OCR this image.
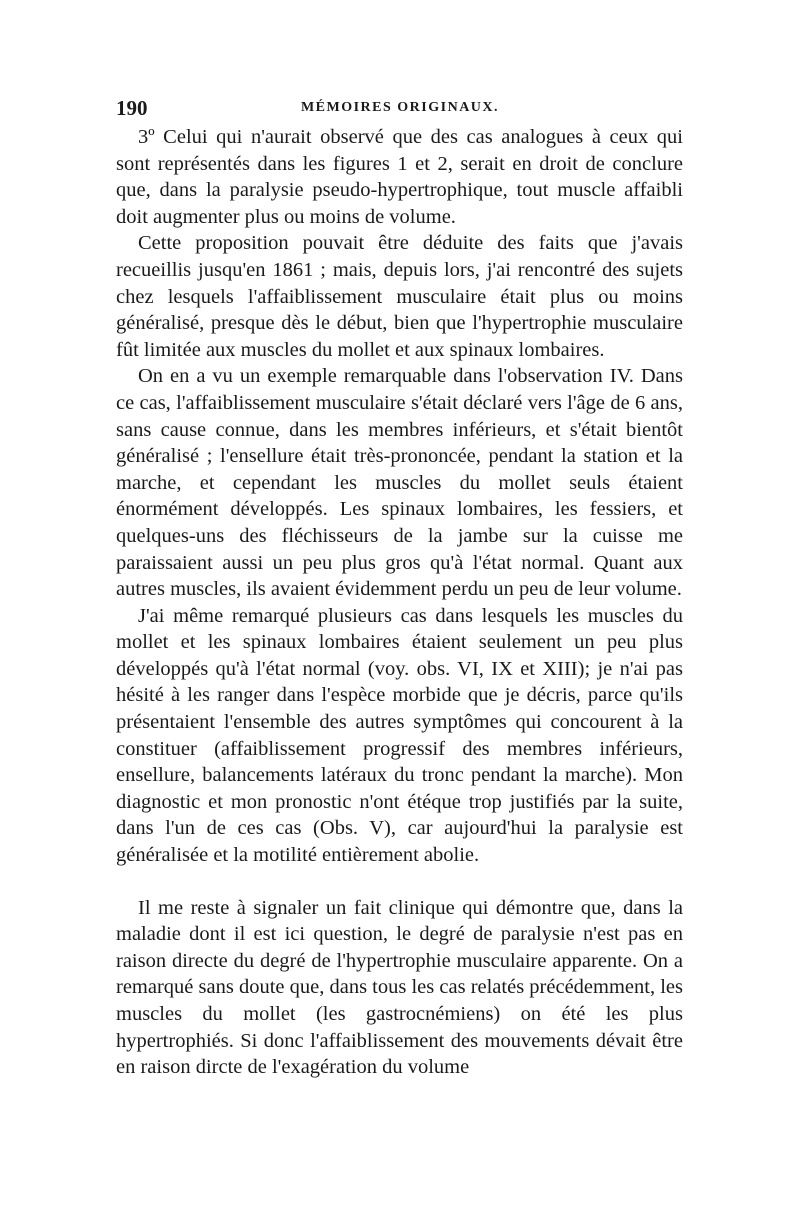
190	MÉMOIRES ORIGINAUX.

3º Celui qui n'aurait observé que des cas analogues à ceux qui sont représentés dans les figures 1 et 2, serait en droit de conclure que, dans la paralysie pseudo-hypertrophique, tout muscle affaibli doit augmenter plus ou moins de volume.

Cette proposition pouvait être déduite des faits que j'avais recueillis jusqu'en 1861 ; mais, depuis lors, j'ai rencontré des sujets chez lesquels l'affaiblissement musculaire était plus ou moins généralisé, presque dès le début, bien que l'hypertrophie musculaire fût limitée aux muscles du mollet et aux spinaux lombaires.

On en a vu un exemple remarquable dans l'observation IV. Dans ce cas, l'affaiblissement musculaire s'était déclaré vers l'âge de 6 ans, sans cause connue, dans les membres inférieurs, et s'était bientôt généralisé ; l'ensellure était très-prononcée, pendant la station et la marche, et cependant les muscles du mollet seuls étaient énormément développés. Les spinaux lombaires, les fessiers, et quelques-uns des fléchisseurs de la jambe sur la cuisse me paraissaient aussi un peu plus gros qu'à l'état normal. Quant aux autres muscles, ils avaient évidemment perdu un peu de leur volume.

J'ai même remarqué plusieurs cas dans lesquels les muscles du mollet et les spinaux lombaires étaient seulement un peu plus développés qu'à l'état normal (voy. obs. VI, IX et XIII); je n'ai pas hésité à les ranger dans l'espèce morbide que je décris, parce qu'ils présentaient l'ensemble des autres symptômes qui concourent à la constituer (affaiblissement progressif des membres inférieurs, ensellure, balancements latéraux du tronc pendant la marche). Mon diagnostic et mon pronostic n'ont étéque trop justifiés par la suite, dans l'un de ces cas (Obs. V), car aujourd'hui la paralysie est généralisée et la motilité entièrement abolie.

Il me reste à signaler un fait clinique qui démontre que, dans la maladie dont il est ici question, le degré de paralysie n'est pas en raison directe du degré de l'hypertrophie musculaire apparente. On a remarqué sans doute que, dans tous les cas relatés précédemment, les muscles du mollet (les gastrocnémiens) on été les plus hypertrophiés. Si donc l'affaiblissement des mouvements dévait être en raison dircte de l'exagération du volume
